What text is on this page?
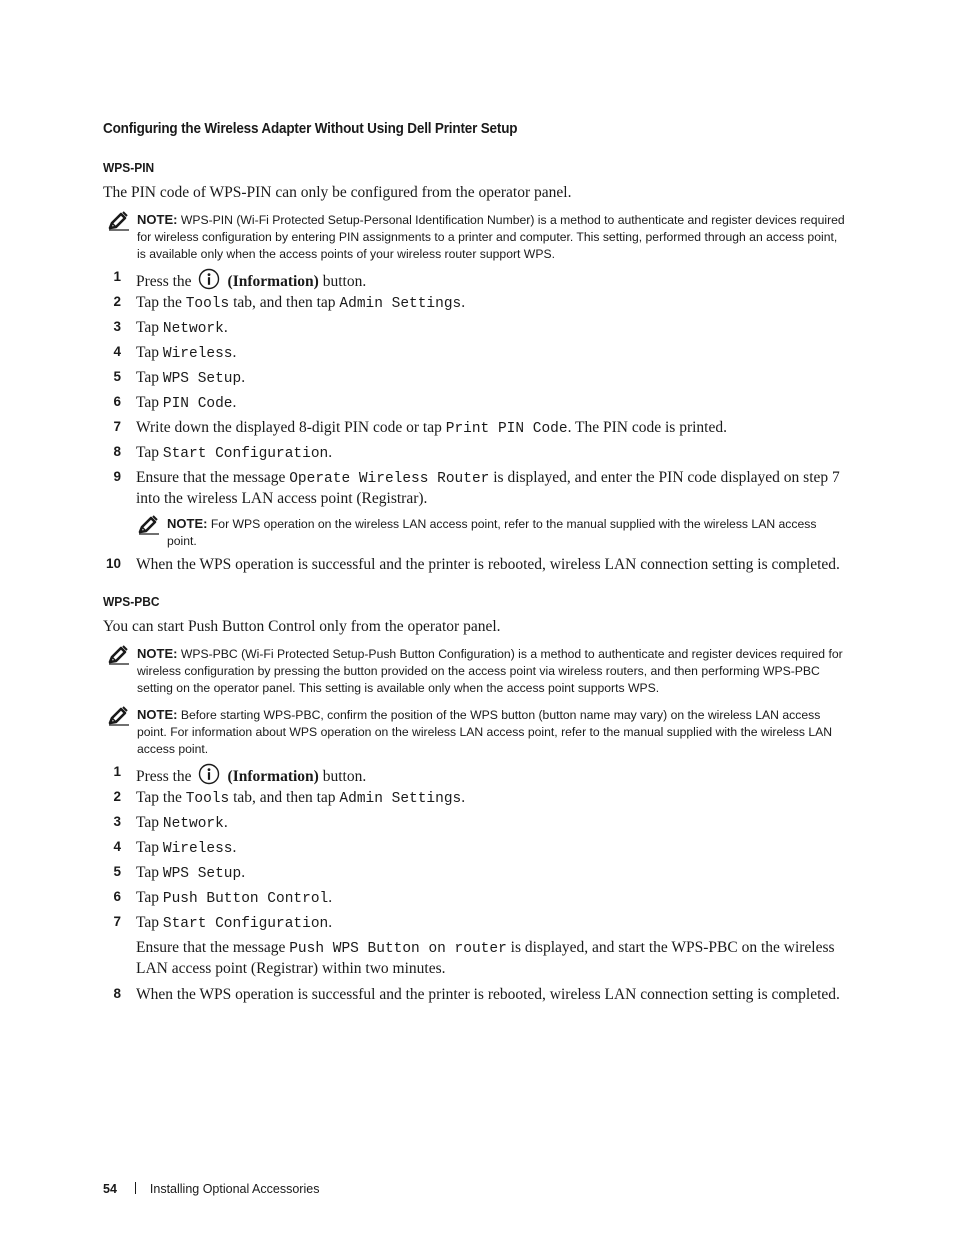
Configuring the Wireless Adapter Without Using Dell Printer Setup
WPS-PIN
The PIN code of WPS-PIN can only be configured from the operator panel.
NOTE: WPS-PIN (Wi-Fi Protected Setup-Personal Identification Number) is a method to authenticate and register devices required for wireless configuration by entering PIN assignments to a printer and computer. This setting, performed through an access point, is available only when the access points of your wireless router support WPS.
1 Press the (Information) button.
2 Tap the Tools tab, and then tap Admin Settings.
3 Tap Network.
4 Tap Wireless.
5 Tap WPS Setup.
6 Tap PIN Code.
7 Write down the displayed 8-digit PIN code or tap Print PIN Code. The PIN code is printed.
8 Tap Start Configuration.
9 Ensure that the message Operate Wireless Router is displayed, and enter the PIN code displayed on step 7 into the wireless LAN access point (Registrar).
NOTE: For WPS operation on the wireless LAN access point, refer to the manual supplied with the wireless LAN access point.
10 When the WPS operation is successful and the printer is rebooted, wireless LAN connection setting is completed.
WPS-PBC
You can start Push Button Control only from the operator panel.
NOTE: WPS-PBC (Wi-Fi Protected Setup-Push Button Configuration) is a method to authenticate and register devices required for wireless configuration by pressing the button provided on the access point via wireless routers, and then performing WPS-PBC setting on the operator panel. This setting is available only when the access point supports WPS.
NOTE: Before starting WPS-PBC, confirm the position of the WPS button (button name may vary) on the wireless LAN access point. For information about WPS operation on the wireless LAN access point, refer to the manual supplied with the wireless LAN access point.
1 Press the (Information) button.
2 Tap the Tools tab, and then tap Admin Settings.
3 Tap Network.
4 Tap Wireless.
5 Tap WPS Setup.
6 Tap Push Button Control.
7 Tap Start Configuration.
Ensure that the message Push WPS Button on router is displayed, and start the WPS-PBC on the wireless LAN access point (Registrar) within two minutes.
8 When the WPS operation is successful and the printer is rebooted, wireless LAN connection setting is completed.
54	Installing Optional Accessories
